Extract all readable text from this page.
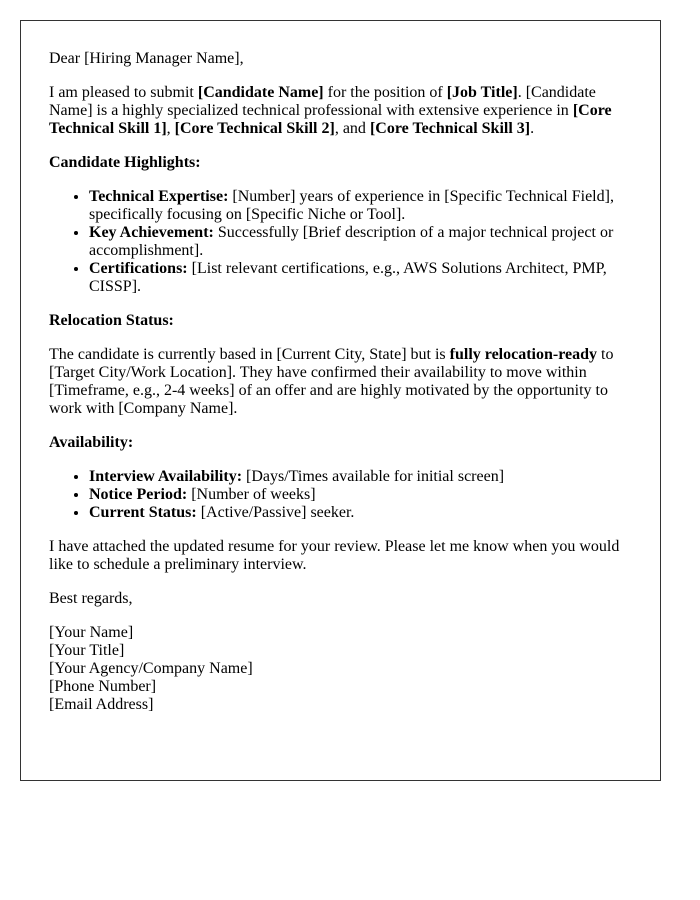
Dear [Hiring Manager Name],

I am pleased to submit [Candidate Name] for the position of [Job Title]. [Candidate Name] is a highly specialized technical professional with extensive experience in [Core Technical Skill 1], [Core Technical Skill 2], and [Core Technical Skill 3].

Candidate Highlights:
• Technical Expertise: [Number] years of experience in [Specific Technical Field], specifically focusing on [Specific Niche or Tool].
• Key Achievement: Successfully [Brief description of a major technical project or accomplishment].
• Certifications: [List relevant certifications, e.g., AWS Solutions Architect, PMP, CISSP].
Relocation Status:

The candidate is currently based in [Current City, State] but is fully relocation-ready to [Target City/Work Location]. They have confirmed their availability to move within [Timeframe, e.g., 2-4 weeks] of an offer and are highly motivated by the opportunity to work with [Company Name].

Availability:
• Interview Availability: [Days/Times available for initial screen]
• Notice Period: [Number of weeks]
• Current Status: [Active/Passive] seeker.

I have attached the updated resume for your review. Please let me know when you would like to schedule a preliminary interview.

Best regards,

[Your Name]
[Your Title]
[Your Agency/Company Name]
[Phone Number]
[Email Address]
